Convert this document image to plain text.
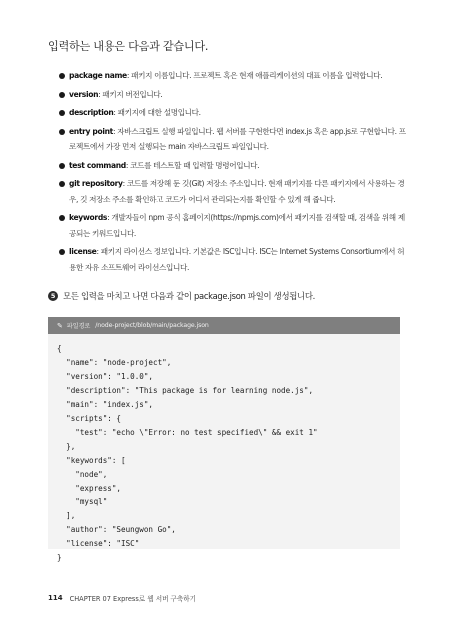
입력하는 내용은 다음과 같습니다.
package name: 패키지 이름입니다. 프로젝트 혹은 현재 애플리케이션의 대표 이름을 입력합니다.
version: 패키지 버전입니다.
description: 패키지에 대한 설명입니다.
entry point: 자바스크립트 실행 파일입니다. 웹 서버를 구현한다면 index.js 혹은 app.js로 구현합니다. 프로젝트에서 가장 먼저 실행되는 main 자바스크립트 파일입니다.
test command: 코드를 테스트할 때 입력할 명령어입니다.
git repository: 코드를 저장해 둔 깃(Git) 저장소 주소입니다. 현재 패키지를 다른 패키지에서 사용하는 경우, 깃 저장소 주소를 확인하고 코드가 어디서 관리되는지를 확인할 수 있게 해 줍니다.
keywords: 개발자들이 npm 공식 홈페이지(https://npmjs.com)에서 패키지를 검색할 때, 검색을 위해 제공되는 키워드입니다.
license: 패키지 라이선스 정보입니다. 기본값은 ISC입니다. ISC는 Internet Systems Consortium에서 허용한 자유 소프트웨어 라이선스입니다.
5 모든 입력을 마치고 나면 다음과 같이 package.json 파일이 생성됩니다.
✎ 파일경로 /node-project/blob/main/package.json
{
"name": "node-project",
"version": "1.0.0",
"description": "This package is for learning node.js",
"main": "index.js",
"scripts": {
"test": "echo \"Error: no test specified\" && exit 1"
},
"keywords": [
"node",
"express",
"mysql"
],
"author": "Seungwon Go",
"license": "ISC"
}
114 CHAPTER 07 Express로 웹 서버 구축하기
